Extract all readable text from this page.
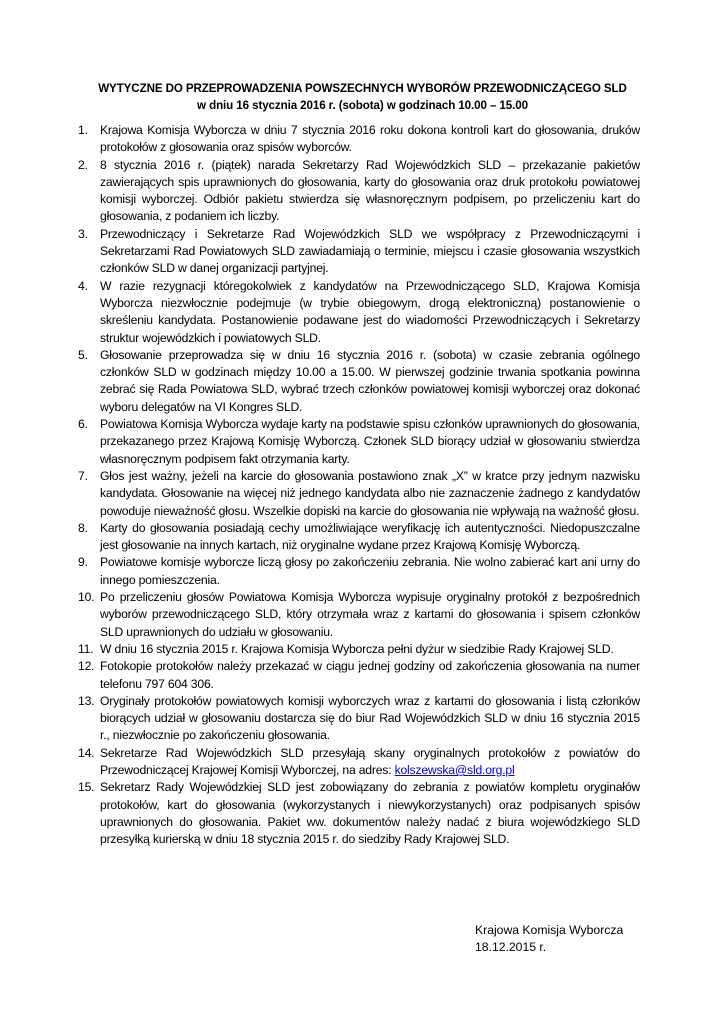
WYTYCZNE DO PRZEPROWADZENIA POWSZECHNYCH WYBORÓW PRZEWODNICZĄCEGO SLD
w dniu 16 stycznia 2016 r. (sobota) w godzinach 10.00 – 15.00
1.	Krajowa Komisja Wyborcza w dniu 7 stycznia 2016 roku dokona kontroli kart do głosowania, druków protokołów z głosowania oraz spisów wyborców.
2.	8 stycznia 2016 r. (piątek) narada Sekretarzy Rad Wojewódzkich SLD – przekazanie pakietów zawierających spis uprawnionych do głosowania, karty do głosowania oraz druk protokołu powiatowej komisji wyborczej. Odbiór pakietu stwierdza się własnoręcznym podpisem, po przeliczeniu kart do głosowania, z podaniem ich liczby.
3.	Przewodniczący i Sekretarze Rad Wojewódzkich SLD we współpracy z Przewodniczącymi i Sekretarzami Rad Powiatowych SLD zawiadamiają o terminie, miejscu i czasie głosowania wszystkich członków SLD w danej organizacji partyjnej.
4.	W razie rezygnacji któregokolwiek z kandydatów na Przewodniczącego SLD, Krajowa Komisja Wyborcza niezwłocznie podejmuje (w trybie obiegowym, drogą elektroniczną) postanowienie o skreśleniu kandydata. Postanowienie podawane jest do wiadomości Przewodniczących i Sekretarzy struktur wojewódzkich i powiatowych SLD.
5.	Głosowanie przeprowadza się w dniu 16 stycznia 2016 r. (sobota) w czasie zebrania ogólnego członków SLD w godzinach między 10.00 a 15.00. W pierwszej godzinie trwania spotkania powinna zebrać się Rada Powiatowa SLD, wybrać trzech członków powiatowej komisji wyborczej oraz dokonać wyboru delegatów na VI Kongres SLD.
6.	Powiatowa Komisja Wyborcza wydaje karty na podstawie spisu członków uprawnionych do głosowania, przekazanego przez Krajową Komisję Wyborczą. Członek SLD biorący udział w głosowaniu stwierdza własnoręcznym podpisem fakt otrzymania karty.
7.	Głos jest ważny, jeżeli na karcie do głosowania postawiono znak „X” w kratce przy jednym nazwisku kandydata. Głosowanie na więcej niż jednego kandydata albo nie zaznaczenie żadnego z kandydatów powoduje nieważność głosu. Wszelkie dopiski na karcie do głosowania nie wpływają na ważność głosu.
8.	Karty do głosowania posiadają cechy umożliwiające weryfikację ich autentyczności. Niedopuszczalne jest głosowanie na innych kartach, niż oryginalne wydane przez Krajową Komisję Wyborczą.
9.	Powiatowe komisje wyborcze liczą głosy po zakończeniu zebrania. Nie wolno zabierać kart ani urny do innego pomieszczenia.
10. Po przeliczeniu głosów Powiatowa Komisja Wyborcza wypisuje oryginalny protokół z bezpośrednich wyborów przewodniczącego SLD, który otrzymała wraz z kartami do głosowania i spisem członków SLD uprawnionych do udziału w głosowaniu.
11. W dniu 16 stycznia 2015 r. Krajowa Komisja Wyborcza pełni dyżur w siedzibie Rady Krajowej SLD.
12. Fotokopie protokołów należy przekazać w ciągu jednej godziny od zakończenia głosowania na numer telefonu 797 604 306.
13. Oryginały protokołów powiatowych komisji wyborczych wraz z kartami do głosowania i listą członków biorących udział w głosowaniu dostarcza się do biur Rad Wojewódzkich SLD w dniu 16 stycznia 2015 r., niezwłocznie po zakończeniu głosowania.
14. Sekretarze Rad Wojewódzkich SLD przesyłają skany oryginalnych protokołów z powiatów do Przewodniczącej Krajowej Komisji Wyborczej, na adres: kolszewska@sld.org.pl
15. Sekretarz Rady Wojewódzkiej SLD jest zobowiązany do zebrania z powiatów kompletu oryginałów protokołów, kart do głosowania (wykorzystanych i niewykorzystanych) oraz podpisanych spisów uprawnionych do głosowania. Pakiet ww. dokumentów należy nadać z biura wojewódzkiego SLD przesyłką kurierską w dniu 18 stycznia 2015 r. do siedziby Rady Krajowej SLD.
Krajowa Komisja Wyborcza
18.12.2015 r.
